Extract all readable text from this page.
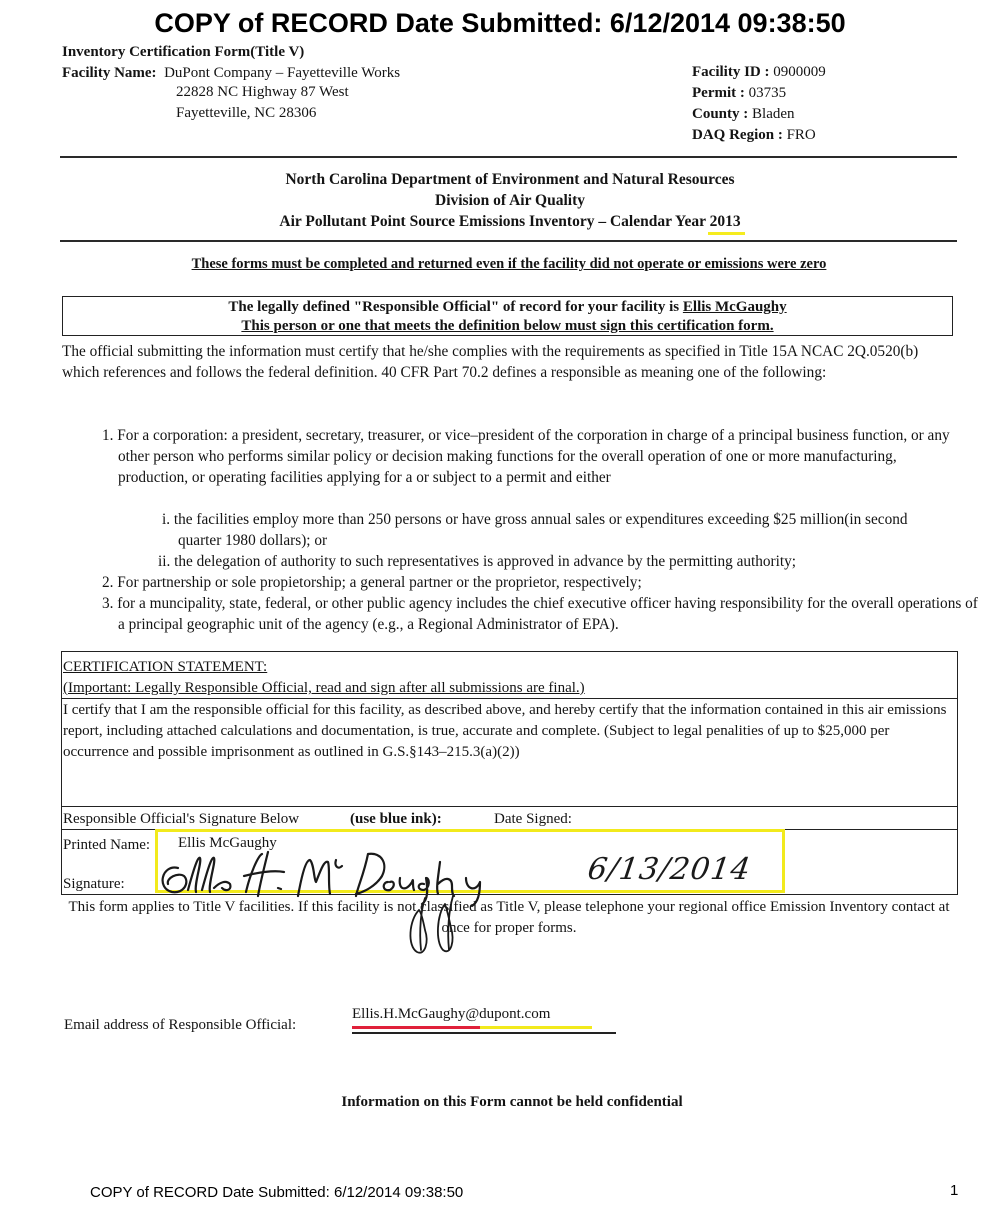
COPY of RECORD Date Submitted: 6/12/2014 09:38:50
Inventory Certification Form(Title V)
Facility Name: DuPont Company – Fayetteville Works
22828 NC Highway 87 West
Fayetteville, NC 28306
Facility ID : 0900009
Permit : 03735
County : Bladen
DAQ Region : FRO
North Carolina Department of Environment and Natural Resources
Division of Air Quality
Air Pollutant Point Source Emissions Inventory – Calendar Year 2013
These forms must be completed and returned even if the facility did not operate or emissions were zero
The legally defined "Responsible Official" of record for your facility is Ellis McGaughy
This person or one that meets the definition below must sign this certification form.
The official submitting the information must certify that he/she complies with the requirements as specified in Title 15A NCAC 2Q.0520(b) which references and follows the federal definition. 40 CFR Part 70.2 defines a responsible as meaning one of the following:
1. For a corporation: a president, secretary, treasurer, or vice–president of the corporation in charge of a principal business function, or any other person who performs similar policy or decision making functions for the overall operation of one or more manufacturing, production, or operating facilities applying for a or subject to a permit and either
i. the facilities employ more than 250 persons or have gross annual sales or expenditures exceeding $25 million(in second quarter 1980 dollars); or
ii. the delegation of authority to such representatives is approved in advance by the permitting authority;
2. For partnership or sole propietorship; a general partner or the proprietor, respectively;
3. for a muncipality, state, federal, or other public agency includes the chief executive officer having responsibility for the overall operations of a principal geographic unit of the agency (e.g., a Regional Administrator of EPA).
CERTIFICATION STATEMENT:
(Important: Legally Responsible Official, read and sign after all submissions are final.)
I certify that I am the responsible official for this facility, as described above, and hereby certify that the information contained in this air emissions report, including attached calculations and documentation, is true, accurate and complete. (Subject to legal penalities of up to $25,000 per occurrence and possible imprisonment as outlined in G.S.§143–215.3(a)(2))
Responsible Official's Signature Below	(use blue ink):	Date Signed:
Printed Name: Ellis McGaughy
Signature:	6/13/2014
This form applies to Title V facilities. If this facility is not classified as Title V, please telephone your regional office Emission Inventory contact at once for proper forms.
Email address of Responsible Official:
Ellis.H.McGaughy@dupont.com
Information on this Form cannot be held confidential
COPY of RECORD Date Submitted: 6/12/2014 09:38:50	1
